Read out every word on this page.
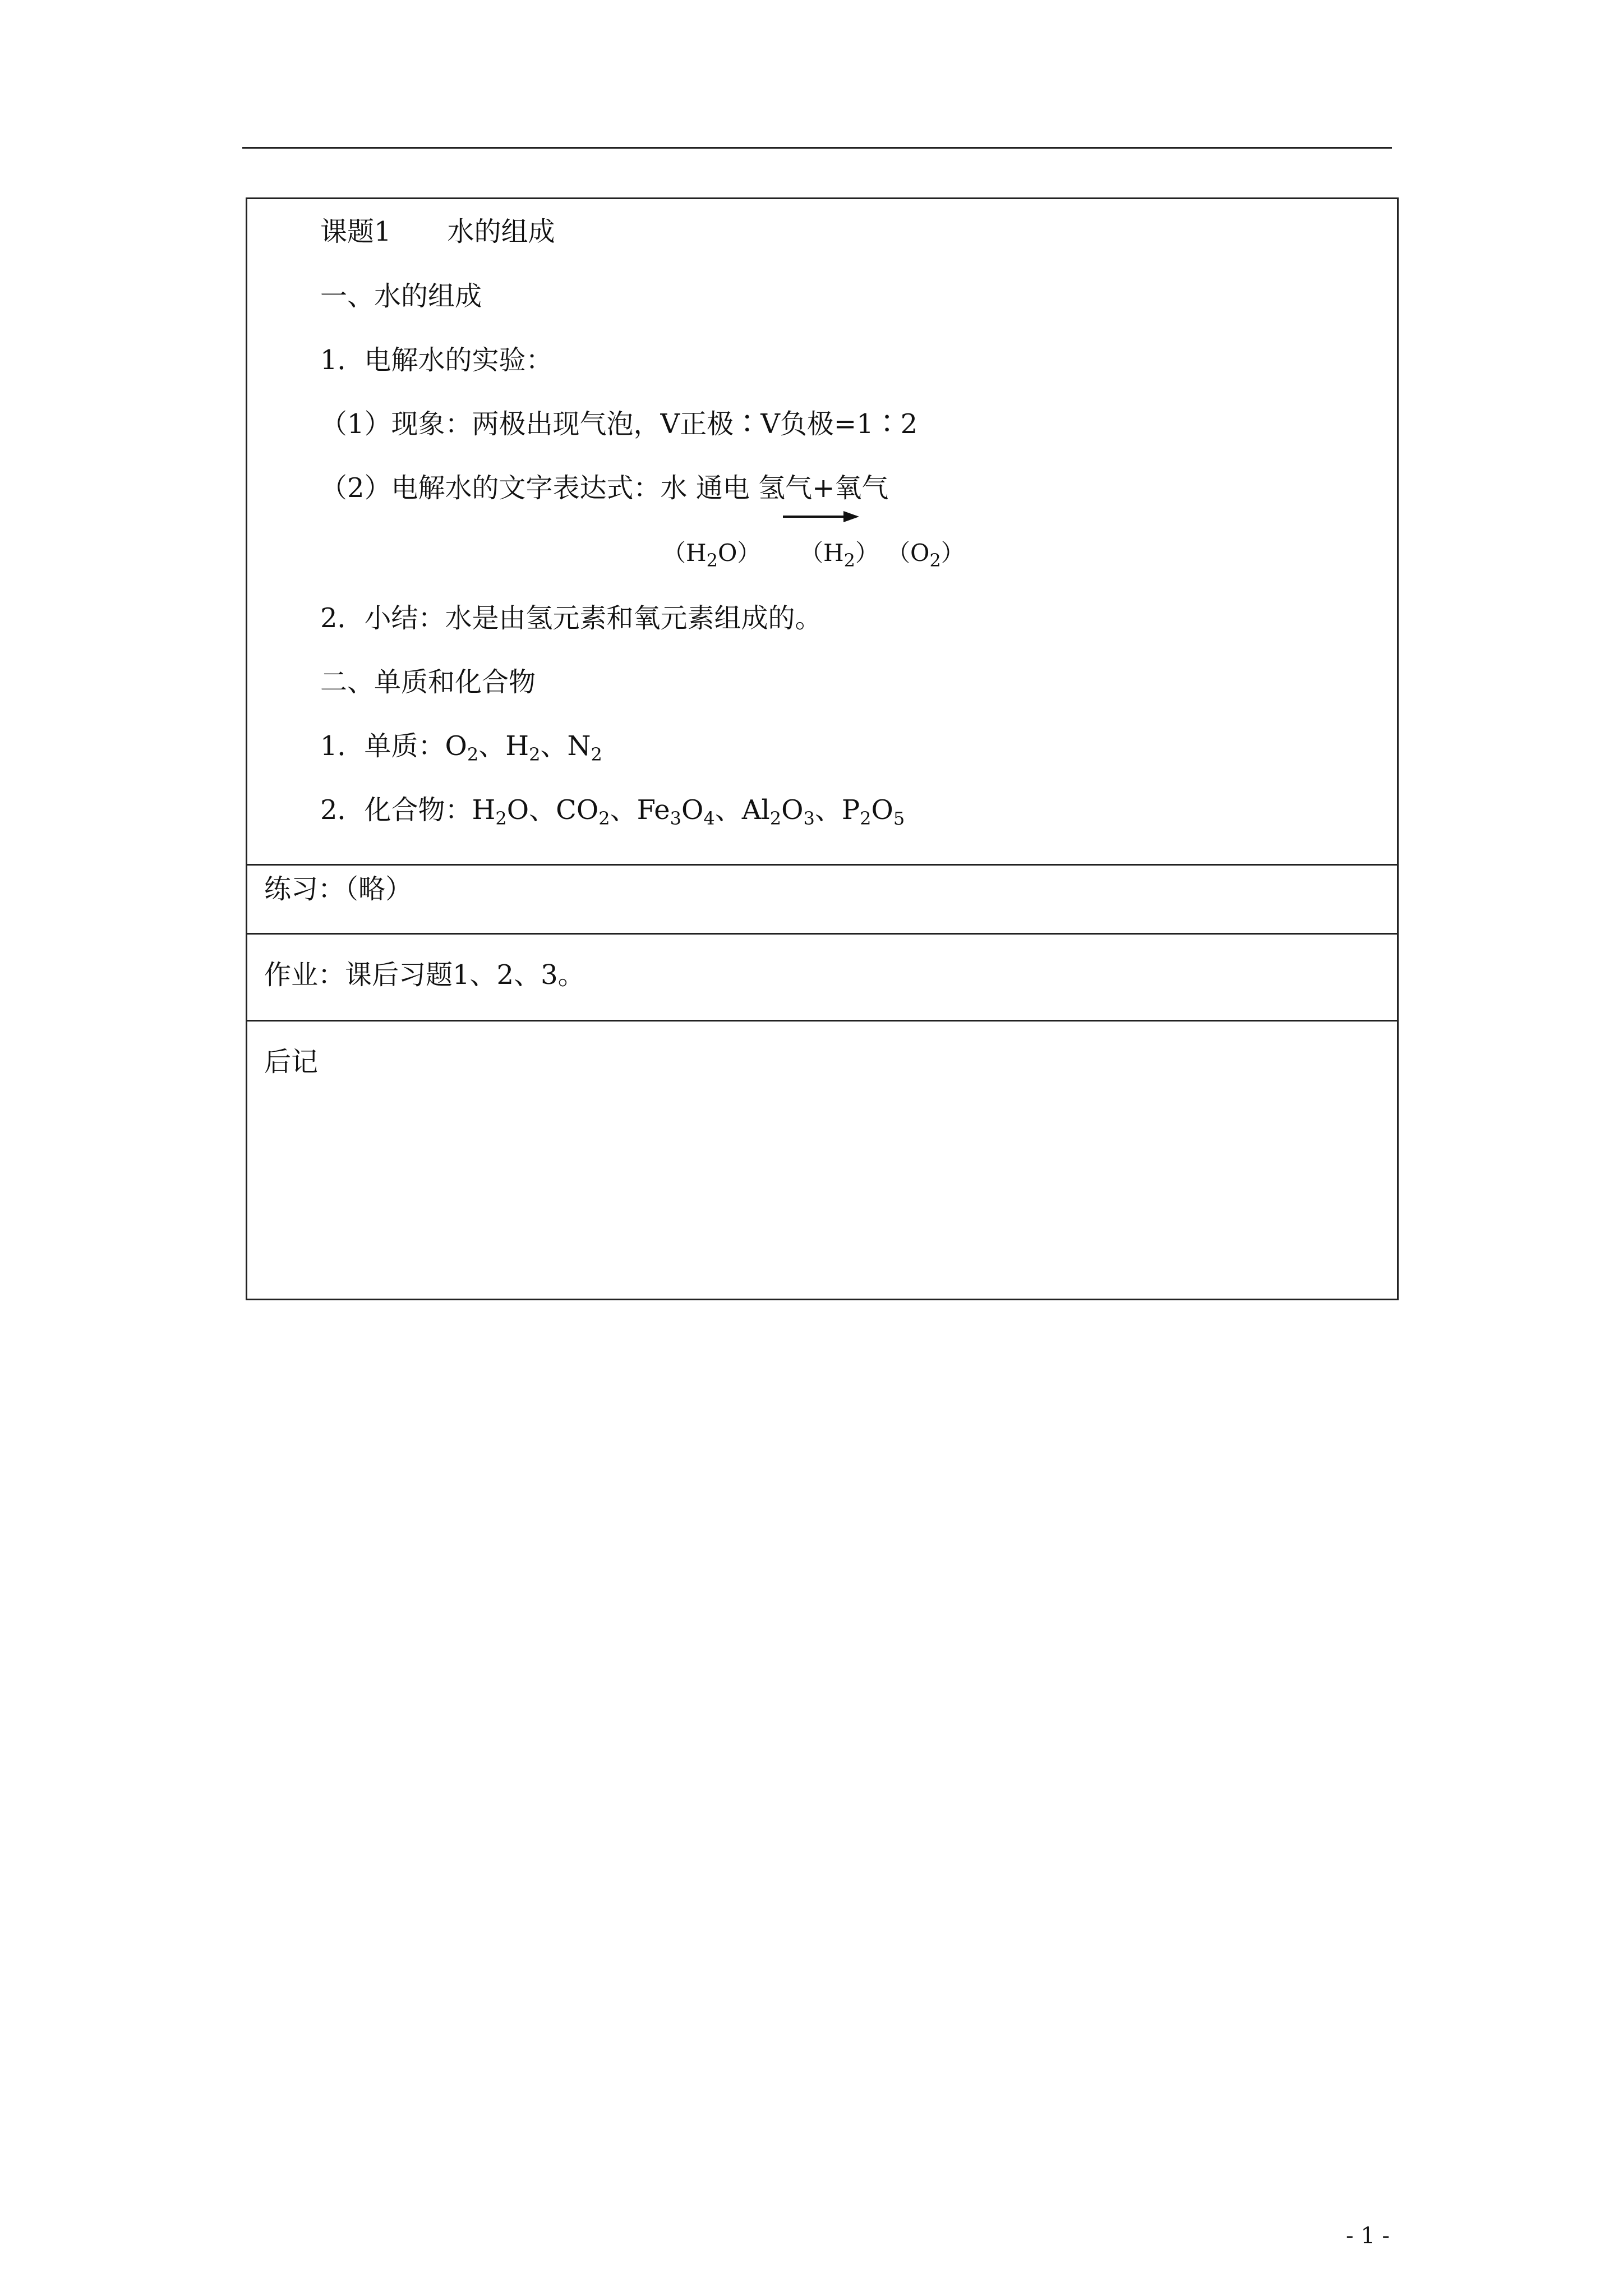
课题1 水的组成
一、水的组成
1．电解水的实验：
（1）现象：两极出现气泡，V正极∶V负极=1∶2
（2）电解水的文字表达式：水 通电 氢气+氧气
$(H_2O)$ $(H_2)$ $(O_2)$
2．小结：水是由氢元素和氧元素组成的。
二、单质和化合物
1．单质：$O_2$、$H_2$、$N_2$
2．化合物：$H_2O$、$CO_2$、$Fe_3O_4$、$Al_2O_3$、$P_2O_5$
练习：（略）
作业：课后习题1、2、3。
后记
- 1 -
